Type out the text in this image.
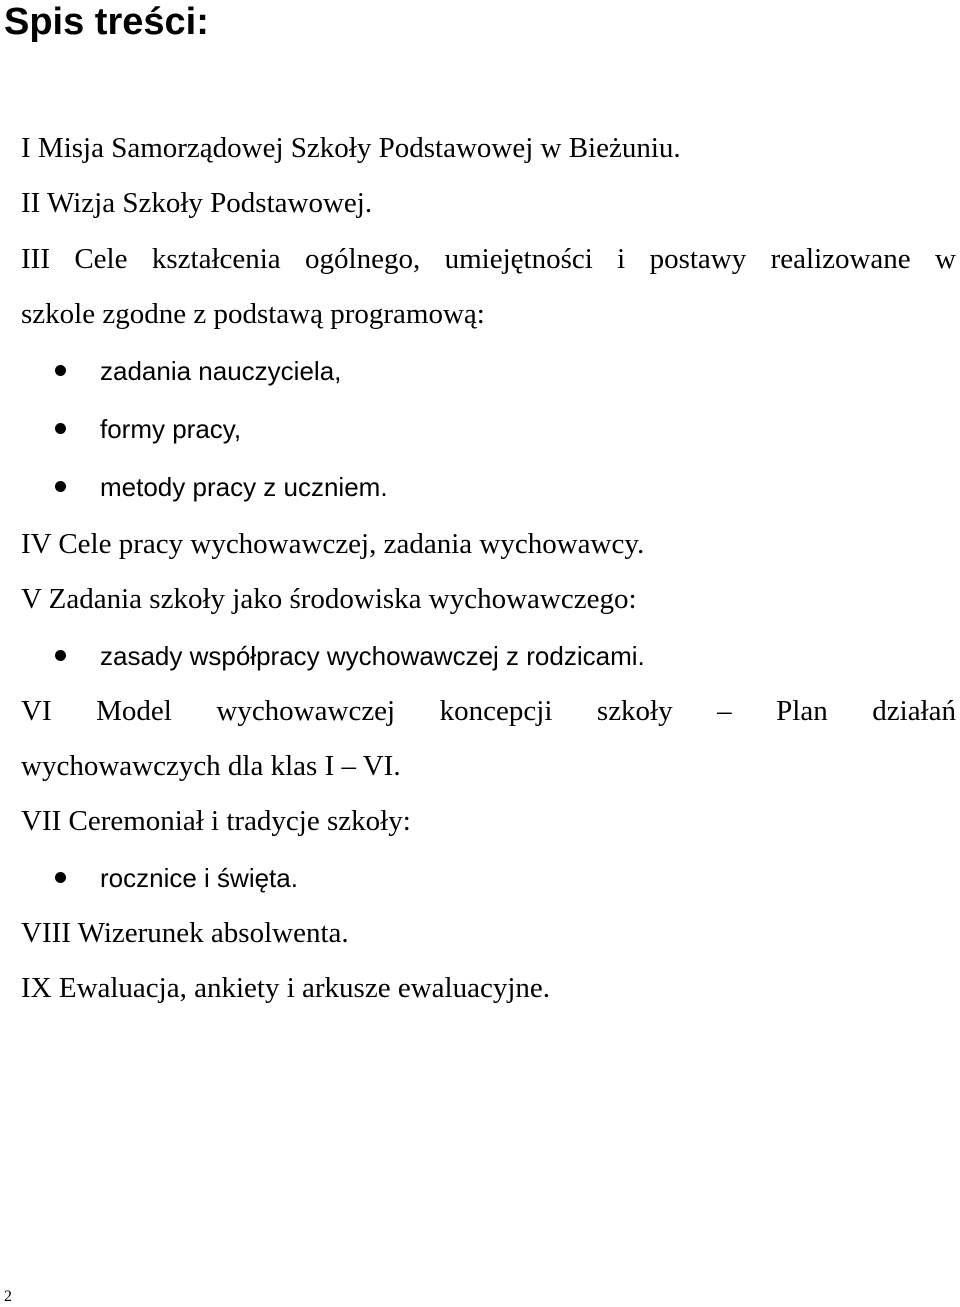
Spis treści:
I Misja Samorządowej Szkoły Podstawowej w Bieżuniu.
II Wizja Szkoły Podstawowej.
III Cele kształcenia ogólnego, umiejętności i postawy realizowane w
szkole zgodne z podstawą programową:
zadania nauczyciela,
formy pracy,
metody pracy z uczniem.
IV Cele pracy wychowawczej, zadania wychowawcy.
V Zadania szkoły jako środowiska wychowawczego:
zasady współpracy wychowawczej z rodzicami.
VI Model wychowawczej koncepcji szkoły – Plan działań
wychowawczych dla klas I – VI.
VII Ceremoniał i tradycje szkoły:
rocznice i święta.
VIII Wizerunek absolwenta.
IX Ewaluacja, ankiety i arkusze ewaluacyjne.
2
